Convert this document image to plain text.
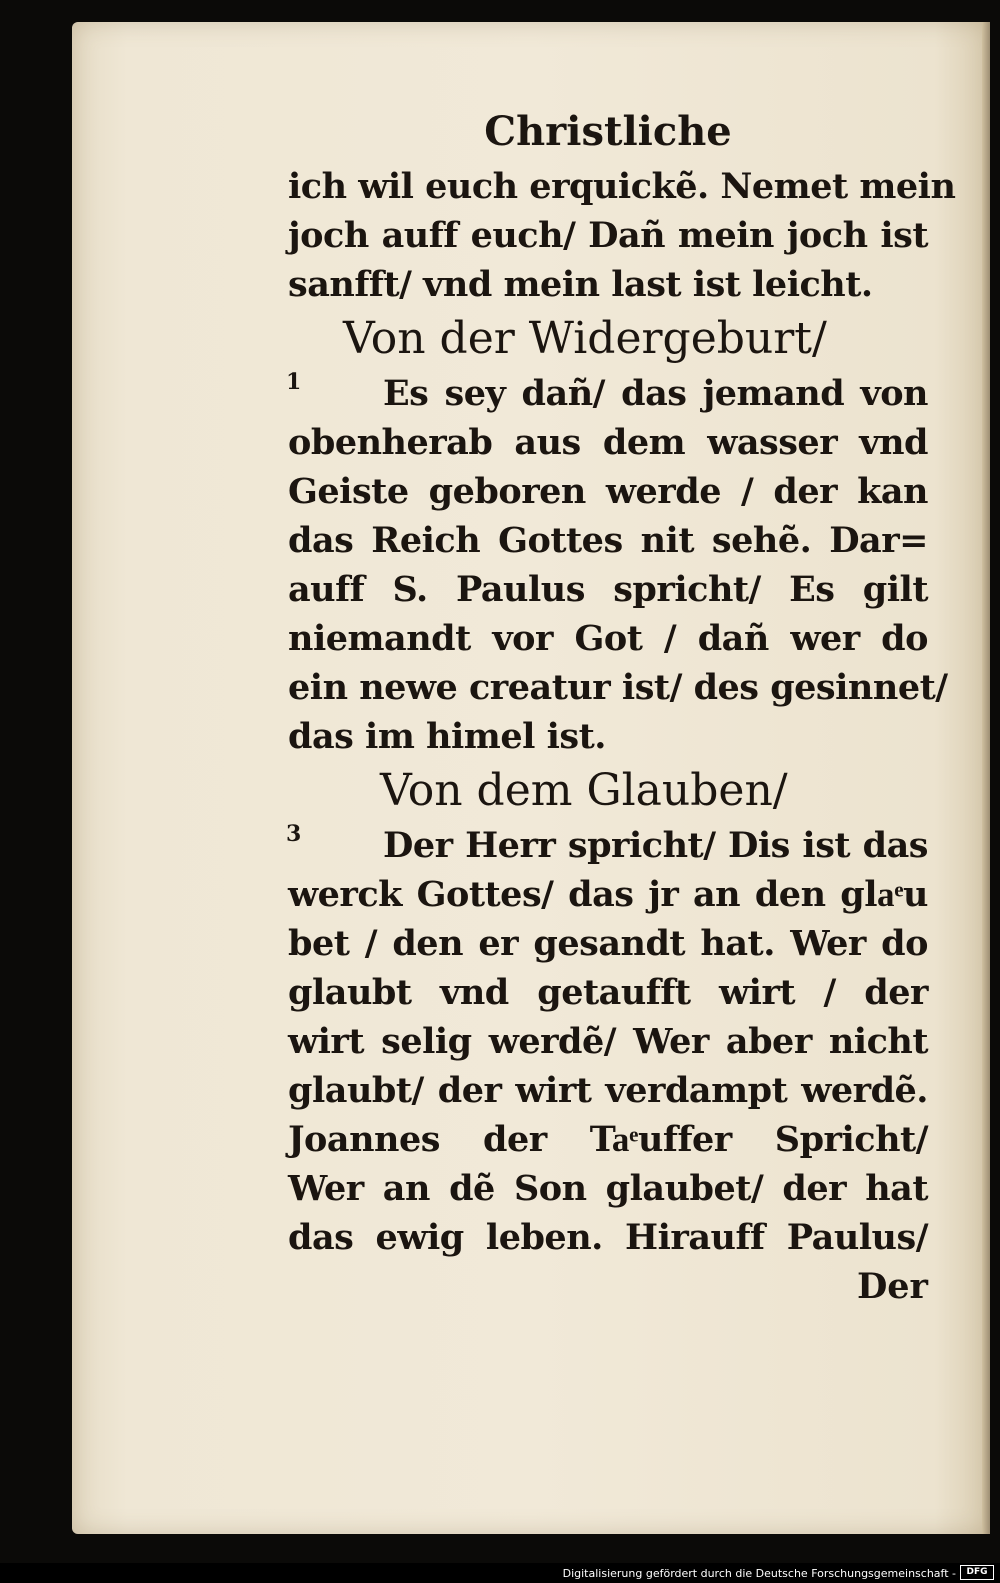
Christliche
ich wil euch erquickẽ. Nemet mein
joch auff euch/ Dañ mein joch ist
sanfft/ vnd mein last ist leicht.
Von der Widergeburt/
1	Es sey dañ/ das jemand von
obenherab aus dem wasser vnd
Geiste geboren werde / der kan
das Reich Gottes nit sehẽ. Dar=
auff S. Paulus spricht/ Es gilt
niemandt vor Got / dañ wer do
ein newe creatur ist/ des gesinnet/
das im himel ist.
Von dem Glauben/
3	Der Herr spricht/ Dis ist das
werck Gottes/ das jr an den glaͤu
bet / den er gesandt hat. Wer do
glaubt vnd getaufft wirt / der
wirt selig werdẽ/ Wer aber nicht
glaubt/ der wirt verdampt werdẽ.
Joannes der Taͤuffer Spricht/
Wer an dẽ Son glaubet/ der hat
das ewig leben. Hirauff Paulus/
Der
Digitalisierung gefördert durch die Deutsche Forschungsgemeinschaft -	DFG
